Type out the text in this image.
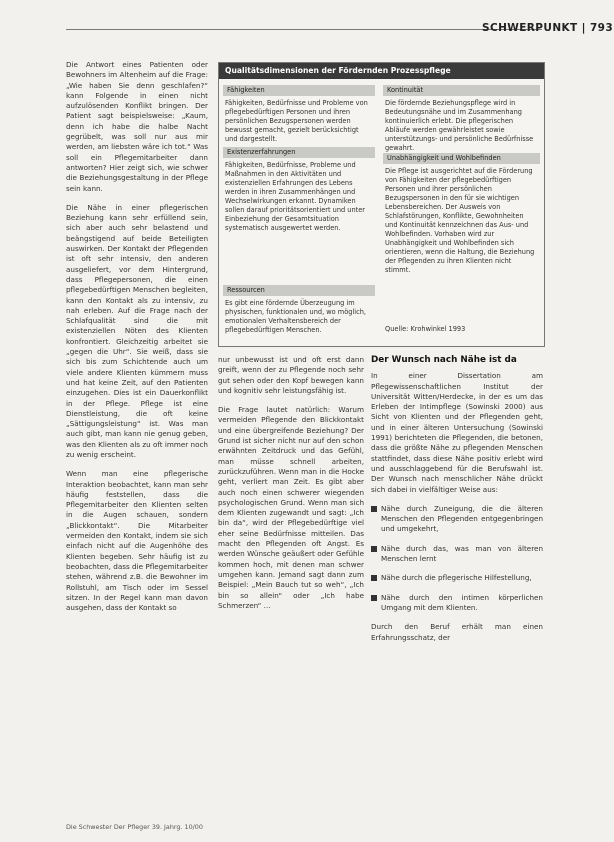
SCHWERPUNKT | 793

Die Antwort eines Patienten oder Bewohners im Altenheim auf die Frage: „Wie haben Sie denn geschlafen?“ kann Folgende in einen nicht aufzulösenden Konflikt bringen. Der Patient sagt beispielsweise: „Kaum, denn ich habe die halbe Nacht gegrübelt, was soll nur aus mir werden, am liebsten wäre ich tot.“ Was soll ein Pflegemitarbeiter dann antworten? Hier zeigt sich, wie schwer die Beziehungsgestaltung in der Pflege sein kann.

Die Nähe in einer pflegerischen Beziehung kann sehr erfüllend sein, sich aber auch sehr belastend und beängstigend auf beide Beteiligten auswirken. Der Kontakt der Pflegenden ist oft sehr intensiv, den anderen ausgeliefert, vor dem Hintergrund, dass Pflegepersonen, die einen pflegebedürftigen Menschen begleiten, kann den Kontakt als zu intensiv, zu nah erleben. Auf die Frage nach der Schlafqualität sind die mit existenziellen Nöten des Klienten konfrontiert. Gleichzeitig arbeitet sie „gegen die Uhr“. Sie weiß, dass sie sich bis zum Schichtende auch um viele andere Klienten kümmern muss und hat keine Zeit, auf den Patienten einzugehen. Dies ist ein Dauerkonflikt in der Pflege. Pflege ist eine Dienstleistung, die oft keine „Sättigungsleistung“ ist. Was man auch gibt, man kann nie genug geben, was den Klienten als zu oft immer noch zu wenig erscheint.

Wenn man eine pflegerische Interaktion beobachtet, kann man sehr häufig feststellen, dass die Pflegemitarbeiter den Klienten selten in die Augen schauen, sondern „Blickkontakt“. Die Mitarbeiter vermeiden den Kontakt, indem sie sich einfach nicht auf die Augenhöhe des Klienten begeben. Sehr häufig ist zu beobachten, dass die Pflegemitarbeiter stehen, während z.B. die Bewohner im Rollstuhl, am Tisch oder im Sessel sitzen. In der Regel kann man davon ausgehen, dass der Kontakt so

Qualitätsdimensionen der Fördernden Prozesspflege
Fähigkeiten
Fähigkeiten, Bedürfnisse und Probleme von pflegebedürftigen Personen und ihren persönlichen Bezugspersonen werden bewusst gemacht, gezielt berücksichtigt und dargestellt.
Existenzerfahrungen
Fähigkeiten, Bedürfnisse, Probleme und Maßnahmen in den Aktivitäten und existenziellen Erfahrungen des Lebens werden in ihren Zusammenhängen und Wechselwirkungen erkannt. Dynamiken sollen darauf prioritätsorientiert und unter Einbeziehung der Gesamtsituation systematisch ausgewertet werden.
Ressourcen
Es gibt eine fördernde Überzeugung im physischen, funktionalen und, wo möglich, emotionalen Verhaltensbereich der pflegebedürftigen Menschen.
Kontinuität
Die fördernde Beziehungspflege wird in Bedeutungsnähe und im Zusammenhang kontinuierlich erlebt. Die pflegerischen Abläufe werden gewährleistet sowie unterstützungs- und persönliche Bedürfnisse gewahrt.
Unabhängigkeit und Wohlbefinden
Die Pflege ist ausgerichtet auf die Förderung von Fähigkeiten der pflegebedürftigen Personen und ihrer persönlichen Bezugspersonen in den für sie wichtigen Lebensbereichen. Der Ausweis von Schlafstörungen, Konflikte, Gewohnheiten und Kontinuität kennzeichnen das Aus- und Wohlbefinden. Vorhaben wird zur Unabhängigkeit und Wohlbefinden sich orientieren, wenn die Haltung, die Beziehung der Pflegenden zu ihren Klienten nicht stimmt.
Quelle: Krohwinkel 1993

nur unbewusst ist und oft erst dann greift, wenn der zu Pflegende noch sehr gut sehen oder den Kopf bewegen kann und kognitiv sehr leistungsfähig ist.

Die Frage lautet natürlich: Warum vermeiden Pflegende den Blickkontakt und eine übergreifende Beziehung? Der Grund ist sicher nicht nur auf den schon erwähnten Zeitdruck und das Gefühl, man müsse schnell arbeiten, zurückzuführen. Wenn man in die Hocke geht, verliert man Zeit. Es gibt aber auch noch einen schwerer wiegenden psychologischen Grund. Wenn man sich dem Klienten zugewandt und sagt: „Ich bin da“, wird der Pflegebedürftige viel eher seine Bedürfnisse mitteilen. Das macht den Pflegenden oft Angst. Es werden Wünsche geäußert oder Gefühle kommen hoch, mit denen man schwer umgehen kann. Jemand sagt dann zum Beispiel: „Mein Bauch tut so weh“, „Ich bin so allein“ oder „Ich habe Schmerzen“ ...

Der Wunsch nach Nähe ist da

In einer Dissertation am Pflegewissenschaftlichen Institut der Universität Witten/Herdecke, in der es um das Erleben der Intimpflege (Sowinski 2000) aus Sicht von Klienten und der Pflegenden geht, und in einer älteren Untersuchung (Sowinski 1991) berichteten die Pflegenden, die betonen, dass die größte Nähe zu pflegenden Menschen stattfindet, dass diese Nähe positiv erlebt wird und ausschlaggebend für die Berufswahl ist. Der Wunsch nach menschlicher Nähe drückt sich dabei in vielfältiger Weise aus:

Nähe durch Zuneigung, die die älteren Menschen den Pflegenden entgegenbringen und umgekehrt,

Nähe durch das, was man von älteren Menschen lernt

Nähe durch die pflegerische Hilfestellung,

Nähe durch den intimen körperlichen Umgang mit dem Klienten.

Durch den Beruf erhält man einen Erfahrungsschatz, der

Die Schwester Der Pfleger 39. Jahrg. 10/00
